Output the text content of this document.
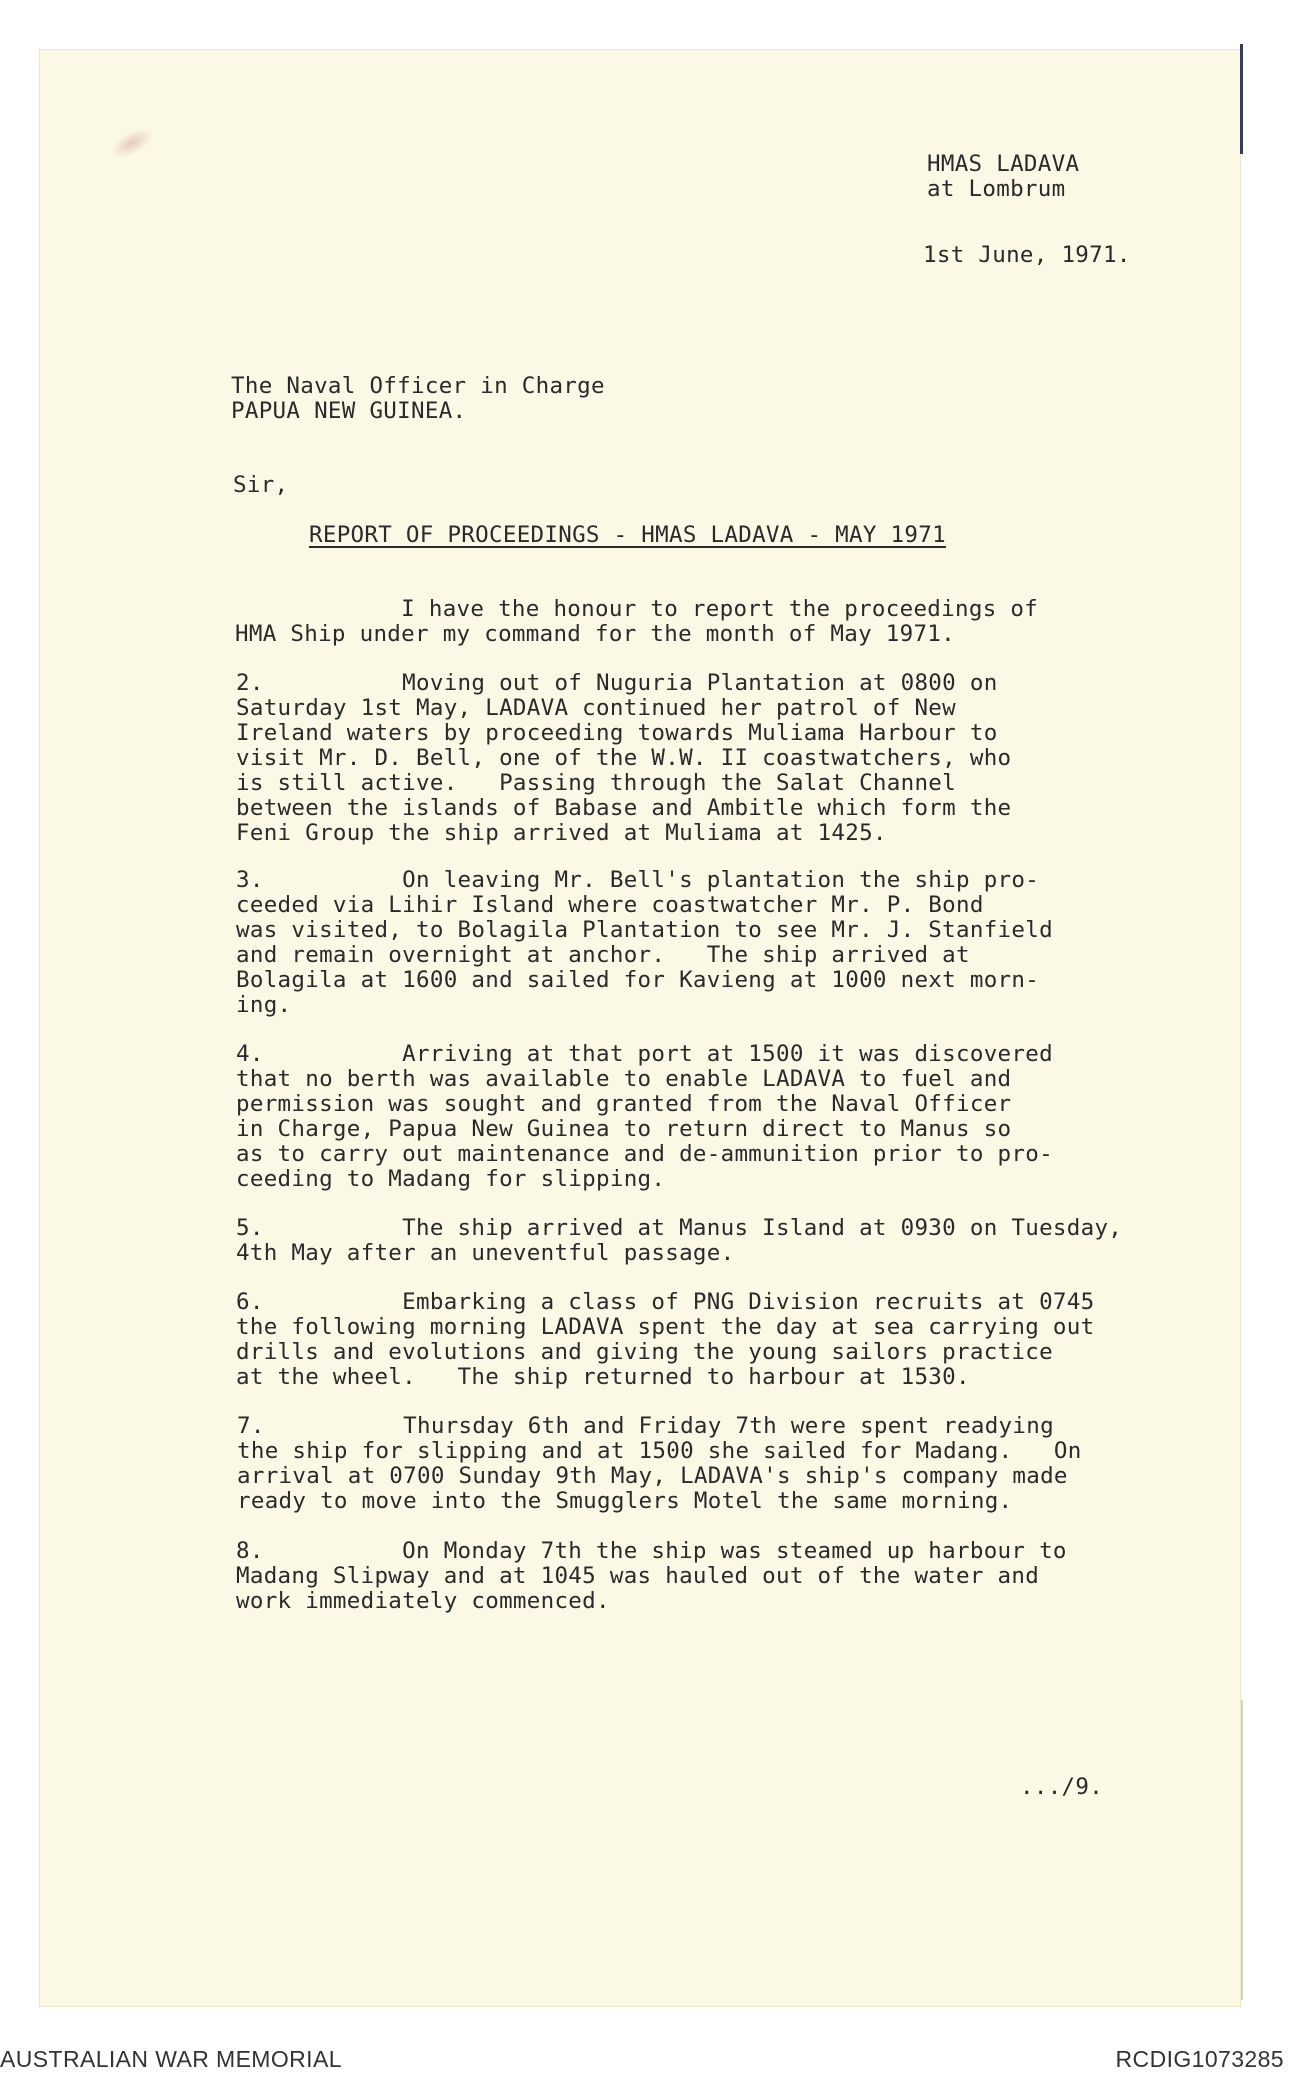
HMAS LADAVA
at Lombrum
1st June, 1971.
The Naval Officer in Charge
PAPUA NEW GUINEA.
Sir,
REPORT OF PROCEEDINGS - HMAS LADAVA - MAY 1971
I have the honour to report the proceedings of
HMA Ship under my command for the month of May 1971.
2.          Moving out of Nuguria Plantation at 0800 on
Saturday 1st May, LADAVA continued her patrol of New
Ireland waters by proceeding towards Muliama Harbour to
visit Mr. D. Bell, one of the W.W. II coastwatchers, who
is still active.   Passing through the Salat Channel
between the islands of Babase and Ambitle which form the
Feni Group the ship arrived at Muliama at 1425.
3.          On leaving Mr. Bell's plantation the ship pro-
ceeded via Lihir Island where coastwatcher Mr. P. Bond
was visited, to Bolagila Plantation to see Mr. J. Stanfield
and remain overnight at anchor.   The ship arrived at
Bolagila at 1600 and sailed for Kavieng at 1000 next morn-
ing.
4.          Arriving at that port at 1500 it was discovered
that no berth was available to enable LADAVA to fuel and
permission was sought and granted from the Naval Officer
in Charge, Papua New Guinea to return direct to Manus so
as to carry out maintenance and de-ammunition prior to pro-
ceeding to Madang for slipping.
5.          The ship arrived at Manus Island at 0930 on Tuesday,
4th May after an uneventful passage.
6.          Embarking a class of PNG Division recruits at 0745
the following morning LADAVA spent the day at sea carrying out
drills and evolutions and giving the young sailors practice
at the wheel.   The ship returned to harbour at 1530.
7.          Thursday 6th and Friday 7th were spent readying
the ship for slipping and at 1500 she sailed for Madang.   On
arrival at 0700 Sunday 9th May, LADAVA's ship's company made
ready to move into the Smugglers Motel the same morning.
8.          On Monday 7th the ship was steamed up harbour to
Madang Slipway and at 1045 was hauled out of the water and
work immediately commenced.
.../9.
AUSTRALIAN WAR MEMORIAL	RCDIG1073285
